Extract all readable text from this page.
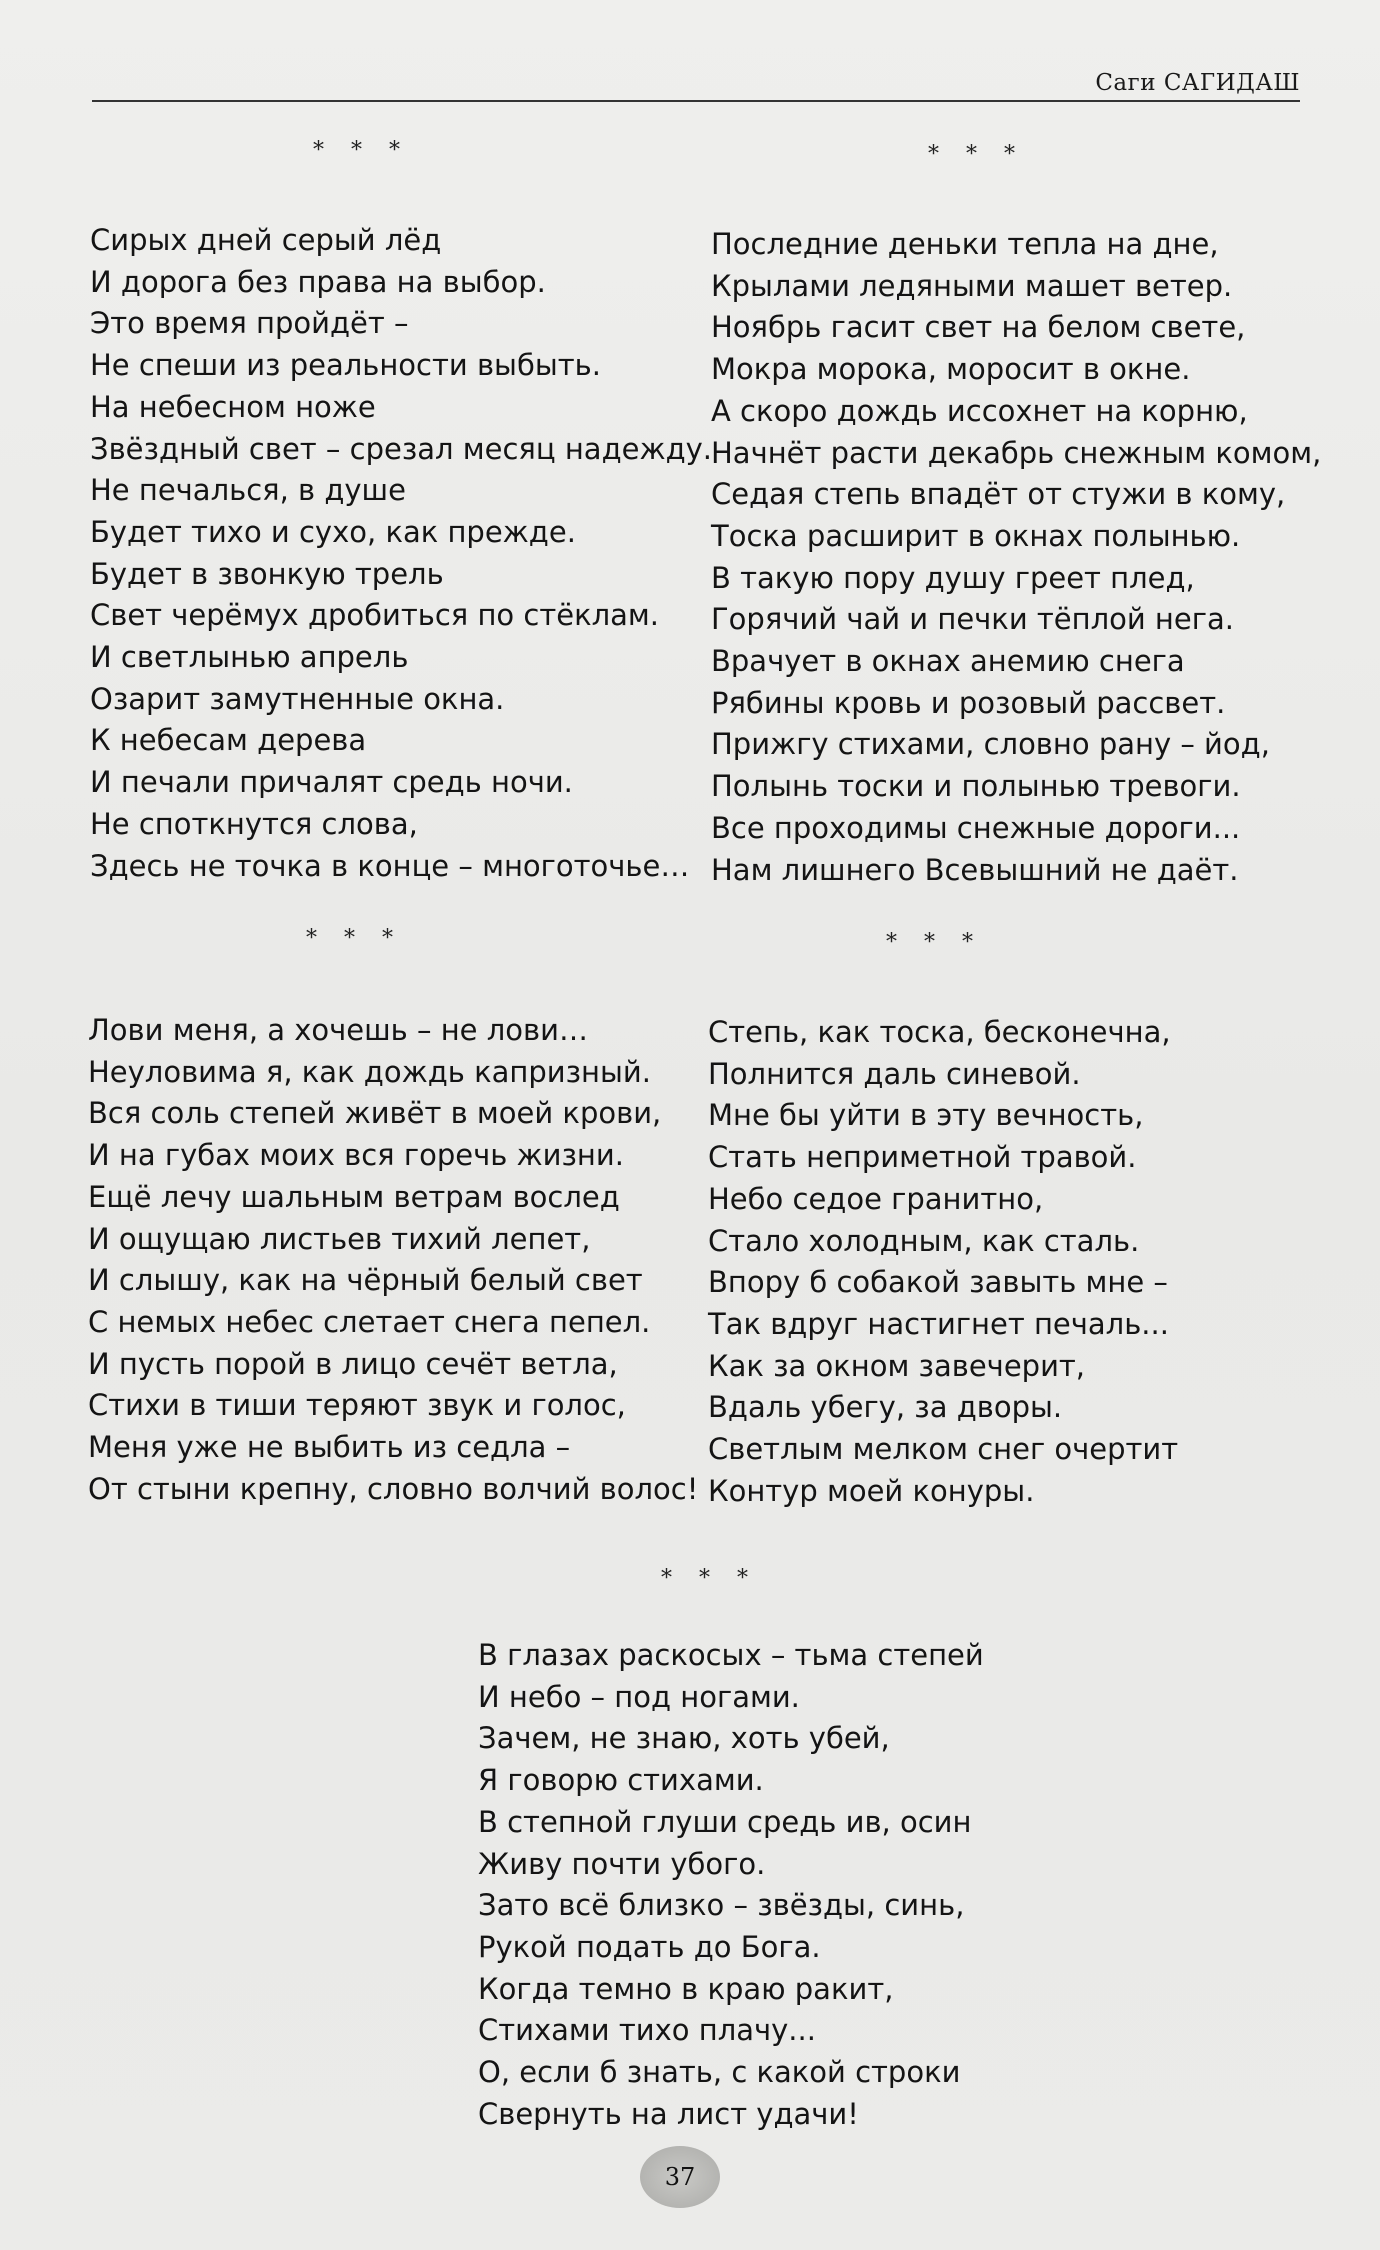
Саги САГИДАШ
* * *
Сирых дней серый лёд
И дорога без права на выбор.
Это время пройдёт –
Не спеши из реальности выбыть.
На небесном ноже
Звёздный свет – срезал месяц надежду.
Не печалься, в душе
Будет тихо и сухо, как прежде.
Будет в звонкую трель
Свет черёмух дробиться по стёклам.
И светлынью апрель
Озарит замутненные окна.
К небесам дерева
И печали причалят средь ночи.
Не споткнутся слова,
Здесь не точка в конце – многоточье…
* * *
Последние деньки тепла на дне,
Крылами ледяными машет ветер.
Ноябрь гасит свет на белом свете,
Мокра морока, моросит в окне.
А скоро дождь иссохнет на корню,
Начнёт расти декабрь снежным комом,
Седая степь впадёт от стужи в кому,
Тоска расширит в окнах полынью.
В такую пору душу греет плед,
Горячий чай и печки тёплой нега.
Врачует в окнах анемию снега
Рябины кровь и розовый рассвет.
Прижгу стихами, словно рану – йод,
Полынь тоски и полынью тревоги.
Все проходимы снежные дороги...
Нам лишнего Всевышний не даёт.
* * *
Лови меня, а хочешь – не лови…
Неуловима я, как дождь капризный.
Вся соль степей живёт в моей крови,
И на губах моих вся горечь жизни.
Ещё лечу шальным ветрам вослед
И ощущаю листьев тихий лепет,
И слышу, как на чёрный белый свет
С немых небес слетает снега пепел.
И пусть порой в лицо сечёт ветла,
Стихи в тиши теряют звук и голос,
Меня уже не выбить из седла –
От стыни крепну, словно волчий волос!
* * *
Степь, как тоска, бесконечна,
Полнится даль синевой.
Мне бы уйти в эту вечность,
Стать неприметной травой.
Небо седое гранитно,
Стало холодным, как сталь.
Впору б собакой завыть мне –
Так вдруг настигнет печаль...
Как за окном завечерит,
Вдаль убегу, за дворы.
Светлым мелком снег очертит
Контур моей конуры.
* * *
В глазах раскосых – тьма степей
И небо – под ногами.
Зачем, не знаю, хоть убей,
Я говорю стихами.
В степной глуши средь ив, осин
Живу почти убого.
Зато всё близко – звёзды, синь,
Рукой подать до Бога.
Когда темно в краю ракит,
Стихами тихо плачу...
О, если б знать, с какой строки
Свернуть на лист удачи!
37
